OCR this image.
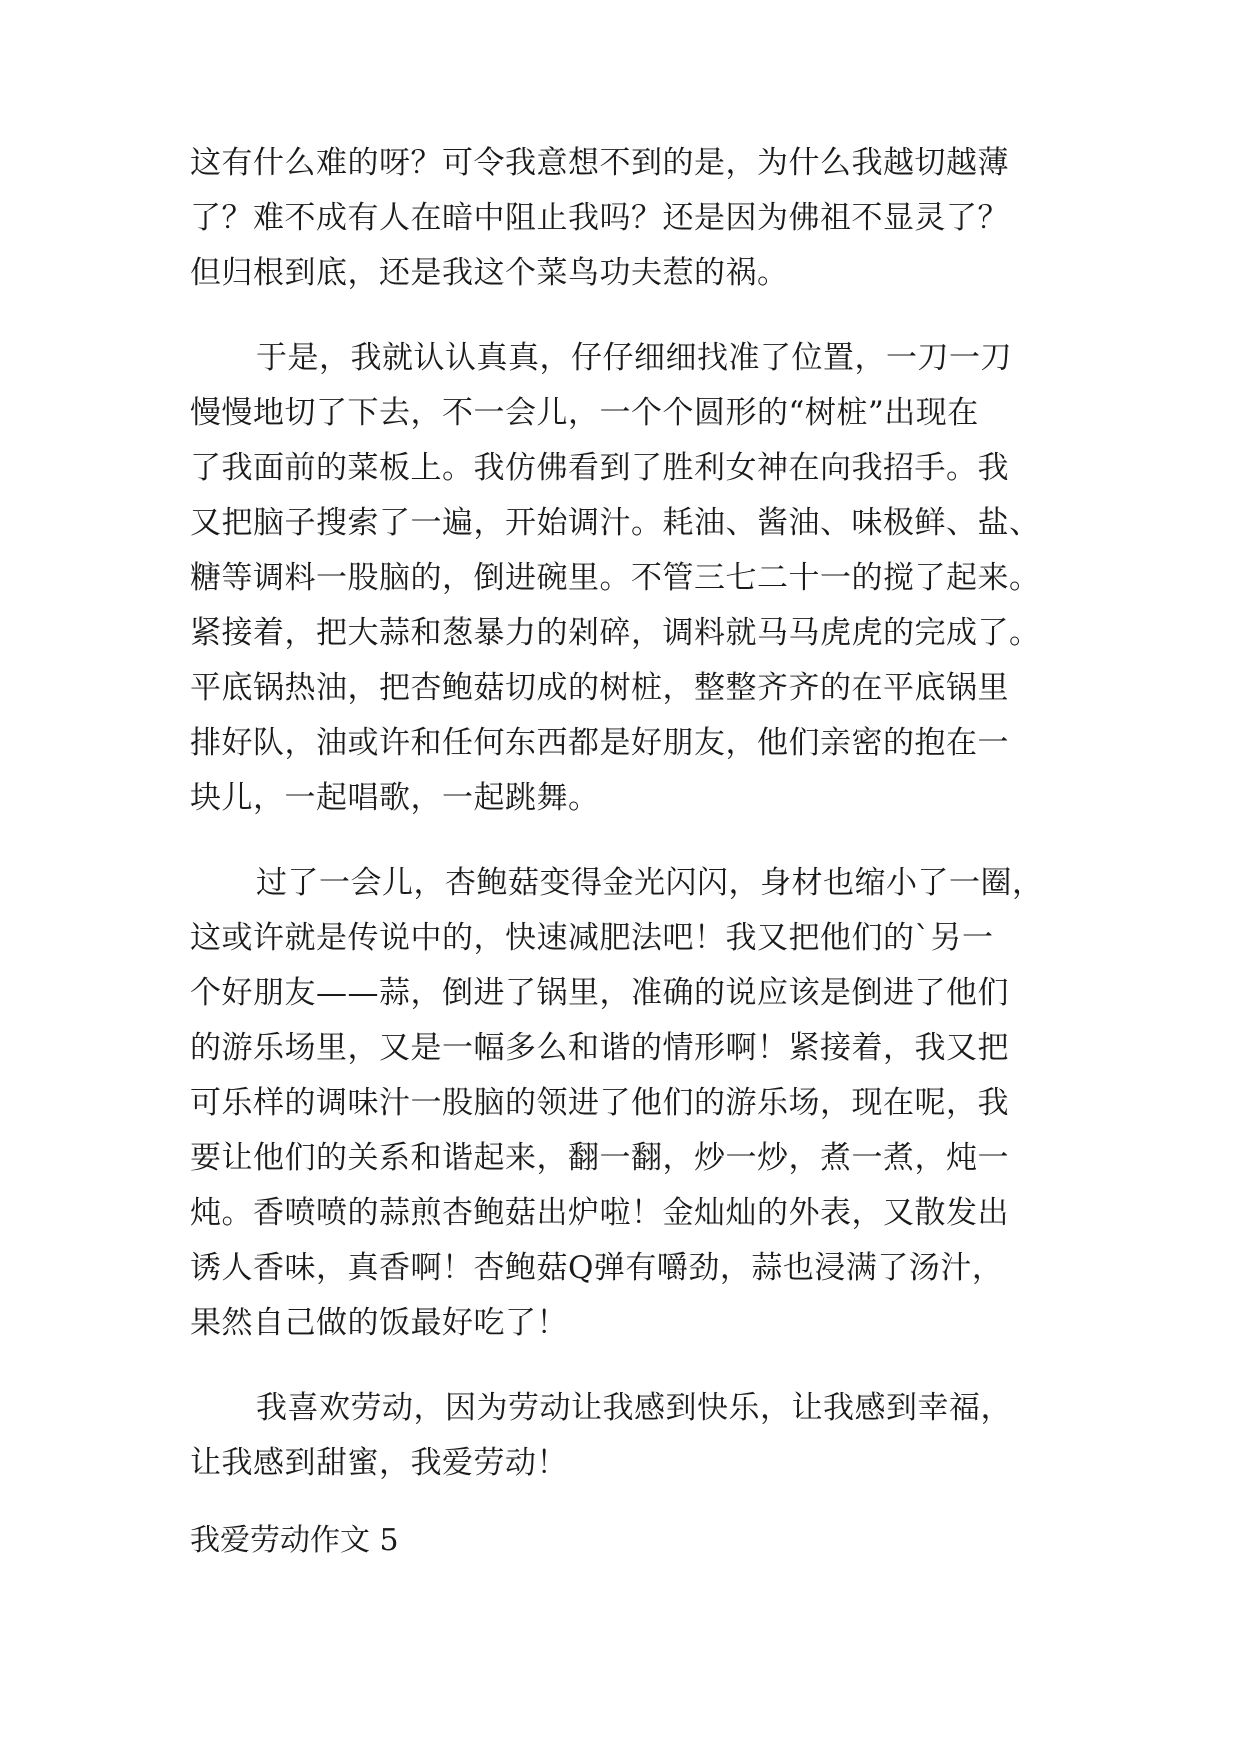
这有什么难的呀？可令我意想不到的是，为什么我越切越薄
了？难不成有人在暗中阻止我吗？还是因为佛祖不显灵了？
但归根到底，还是我这个菜鸟功夫惹的祸。
于是，我就认认真真，仔仔细细找准了位置，一刀一刀
慢慢地切了下去，不一会儿，一个个圆形的“树桩”出现在
了我面前的菜板上。我仿佛看到了胜利女神在向我招手。我
又把脑子搜索了一遍，开始调汁。耗油、酱油、味极鲜、盐、
糖等调料一股脑的，倒进碗里。不管三七二十一的搅了起来。
紧接着，把大蒜和葱暴力的剁碎，调料就马马虎虎的完成了。
平底锅热油，把杏鲍菇切成的树桩，整整齐齐的在平底锅里
排好队，油或许和任何东西都是好朋友，他们亲密的抱在一
块儿，一起唱歌，一起跳舞。
过了一会儿，杏鲍菇变得金光闪闪，身材也缩小了一圈，
这或许就是传说中的，快速减肥法吧！我又把他们的`另一
个好朋友——蒜，倒进了锅里，准确的说应该是倒进了他们
的游乐场里，又是一幅多么和谐的情形啊！紧接着，我又把
可乐样的调味汁一股脑的领进了他们的游乐场，现在呢，我
要让他们的关系和谐起来，翻一翻，炒一炒，煮一煮，炖一
炖。香喷喷的蒜煎杏鲍菇出炉啦！金灿灿的外表，又散发出
诱人香味，真香啊！杏鲍菇Q弹有嚼劲，蒜也浸满了汤汁，
果然自己做的饭最好吃了！
我喜欢劳动，因为劳动让我感到快乐，让我感到幸福，
让我感到甜蜜，我爱劳动！
我爱劳动作文 5
